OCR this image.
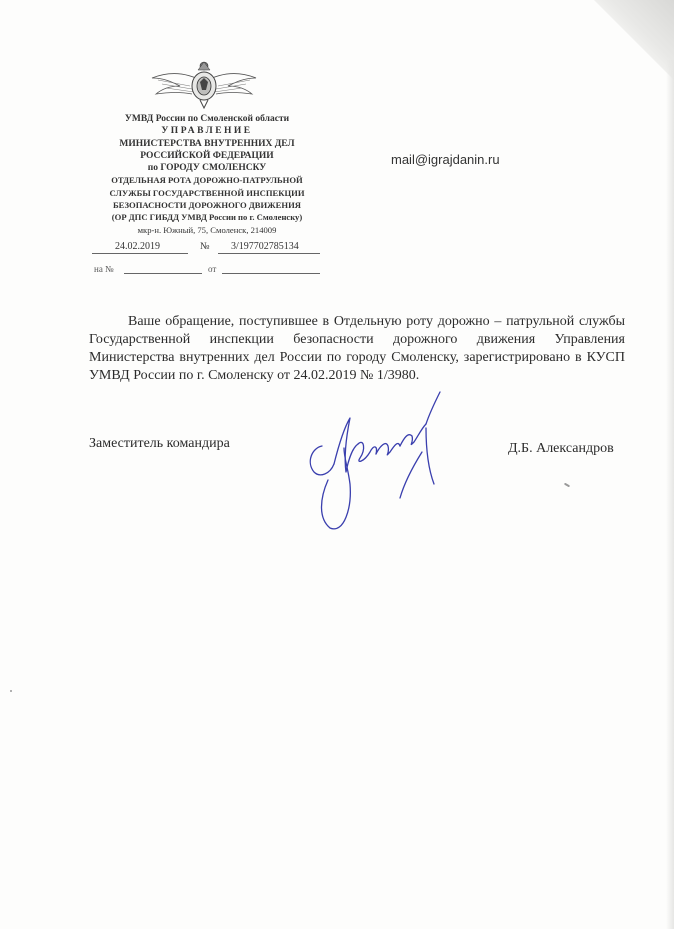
УМВД России по Смоленской области
УПРАВЛЕНИЕ
МИНИСТЕРСТВА ВНУТРЕННИХ ДЕЛ
РОССИЙСКОЙ ФЕДЕРАЦИИ
по ГОРОДУ СМОЛЕНСКУ
ОТДЕЛЬНАЯ РОТА ДОРОЖНО-ПАТРУЛЬНОЙ
СЛУЖБЫ ГОСУДАРСТВЕННОЙ ИНСПЕКЦИИ
БЕЗОПАСНОСТИ ДОРОЖНОГО ДВИЖЕНИЯ
(ОР ДПС ГИБДД УМВД России по г. Смоленску)
мкр-н. Южный, 75, Смоленск, 214009
mail@igrajdanin.ru
24.02.2019	№ 3/197702785134
на №	от
Ваше обращение, поступившее в Отдельную роту дорожно – патрульной службы Государственной инспекции безопасности дорожного движения Управления Министерства внутренних дел России по городу Смоленску, зарегистрировано в КУСП УМВД России по г. Смоленску от 24.02.2019 № 1/3980.
Заместитель командира	Д.Б. Александров
